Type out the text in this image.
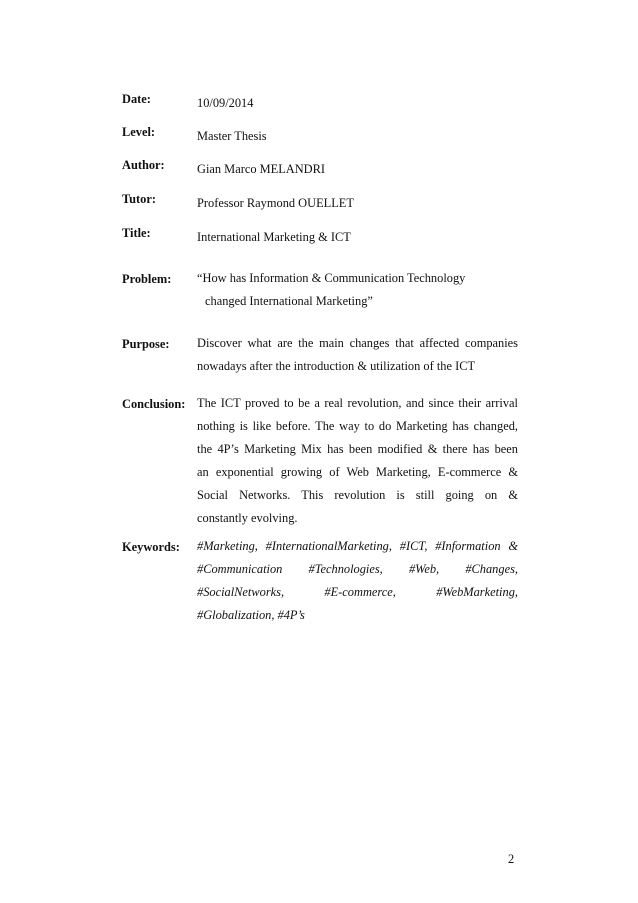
Date:	10/09/2014
Level:	Master Thesis
Author:	Gian Marco MELANDRI
Tutor:	Professor Raymond OUELLET
Title:	International Marketing & ICT
Problem: “How has Information & Communication Technology
changed International Marketing”
Purpose: Discover what are the main changes that affected companies
nowadays after the introduction & utilization of the ICT
Conclusion: The ICT proved to be a real revolution, and since their arrival
nothing is like before. The way to do Marketing has changed,
the 4P’s Marketing Mix has been modified & there has been
an exponential growing of Web Marketing, E-commerce &
Social Networks. This revolution is still going on &
constantly evolving.
Keywords: #Marketing, #InternationalMarketing, #ICT, #Information &
#Communication #Technologies, #Web, #Changes,
#SocialNetworks, #E-commerce, #WebMarketing,
#Globalization, #4P’s
2
